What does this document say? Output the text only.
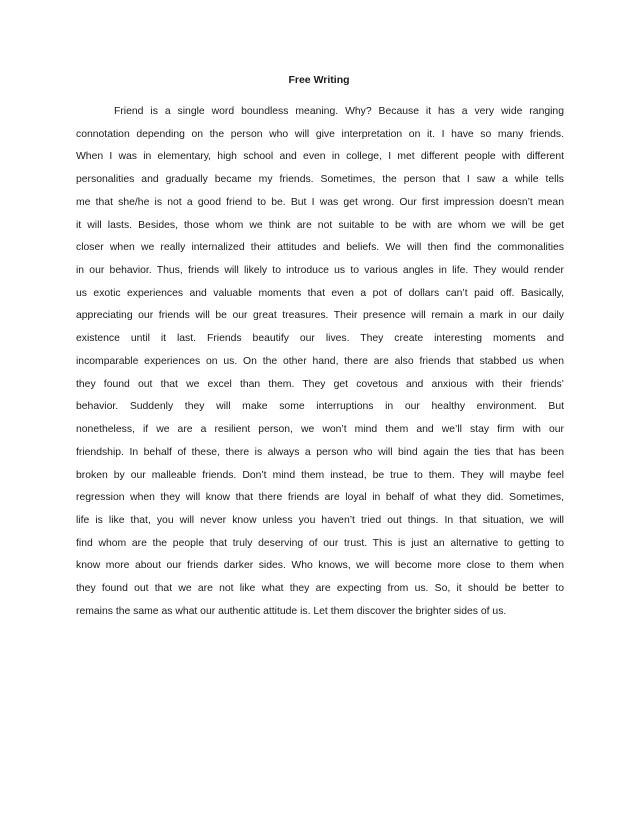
Free Writing
Friend is a single word boundless meaning. Why? Because it has a very wide ranging
connotation depending on the person who will give interpretation on it. I have so many friends.
When I was in elementary, high school and even in college, I met different people with different
personalities and gradually became my friends. Sometimes, the person that I saw a while tells
me that she/he is not a good friend to be. But I was get wrong. Our first impression doesn’t mean
it will lasts. Besides, those whom we think are not suitable to be with are whom we will be get
closer when we really internalized their attitudes and beliefs. We will then find the commonalities
in our behavior. Thus, friends will likely to introduce us to various angles in life. They would render
us exotic experiences and valuable moments that even a pot of dollars can’t paid off. Basically,
appreciating our friends will be our great treasures. Their presence will remain a mark in our daily
existence until it last. Friends beautify our lives. They create interesting moments and
incomparable experiences on us. On the other hand, there are also friends that stabbed us when
they found out that we excel than them. They get covetous and anxious with their friends’
behavior. Suddenly they will make some interruptions in our healthy environment. But
nonetheless, if we are a resilient person, we won’t mind them and we’ll stay firm with our
friendship. In behalf of these, there is always a person who will bind again the ties that has been
broken by our malleable friends. Don’t mind them instead, be true to them. They will maybe feel
regression when they will know that there friends are loyal in behalf of what they did. Sometimes,
life is like that, you will never know unless you haven’t tried out things. In that situation, we will
find whom are the people that truly deserving of our trust. This is just an alternative to getting to
know more about our friends darker sides. Who knows, we will become more close to them when
they found out that we are not like what they are expecting from us. So, it should be better to
remains the same as what our authentic attitude is. Let them discover the brighter sides of us.
